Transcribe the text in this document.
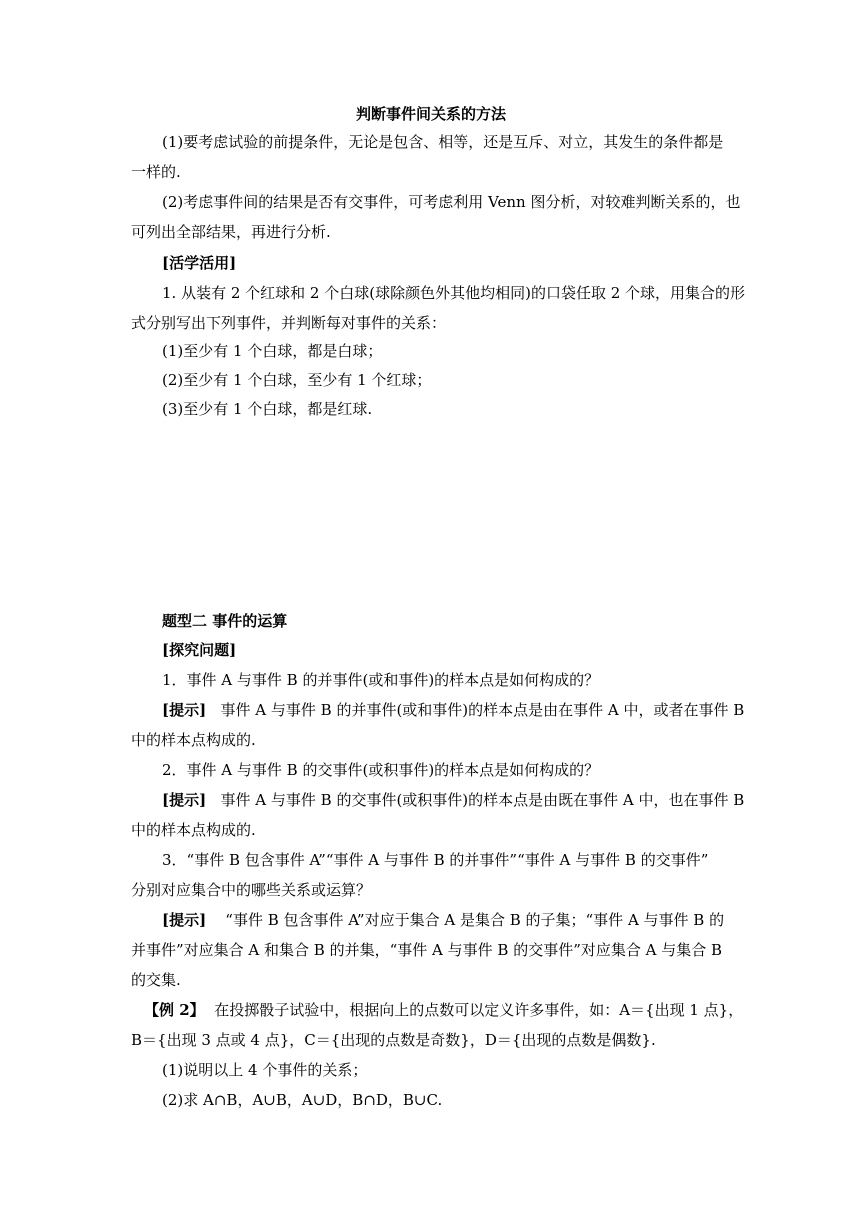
判断事件间关系的方法
(1)要考虑试验的前提条件，无论是包含、相等，还是互斥、对立，其发生的条件都是
一样的.
(2)考虑事件间的结果是否有交事件，可考虑利用 Venn 图分析，对较难判断关系的，也
可列出全部结果，再进行分析.
[活学活用]
1. 从装有 2 个红球和 2 个白球(球除颜色外其他均相同)的口袋任取 2 个球，用集合的形
式分别写出下列事件，并判断每对事件的关系：
(1)至少有 1 个白球，都是白球；
(2)至少有 1 个白球，至少有 1 个红球；
(3)至少有 1 个白球，都是红球.
题型二 事件的运算
[探究问题]
1．事件 A 与事件 B 的并事件(或和事件)的样本点是如何构成的？
[提示] 事件 A 与事件 B 的并事件(或和事件)的样本点是由在事件 A 中，或者在事件 B
中的样本点构成的.
2．事件 A 与事件 B 的交事件(或积事件)的样本点是如何构成的？
[提示] 事件 A 与事件 B 的交事件(或积事件)的样本点是由既在事件 A 中，也在事件 B
中的样本点构成的.
3．“事件 B 包含事件 A”“事件 A 与事件 B 的并事件”“事件 A 与事件 B 的交事件”
分别对应集合中的哪些关系或运算？
[提示] “事件 B 包含事件 A”对应于集合 A 是集合 B 的子集；“事件 A 与事件 B 的
并事件”对应集合 A 和集合 B 的并集，“事件 A 与事件 B 的交事件”对应集合 A 与集合 B
的交集.
【例 2】 在投掷骰子试验中，根据向上的点数可以定义许多事件，如：A＝{出现 1 点}，
B＝{出现 3 点或 4 点}，C＝{出现的点数是奇数}，D＝{出现的点数是偶数}.
(1)说明以上 4 个事件的关系；
(2)求 A∩B，A∪B，A∪D，B∩D，B∪C.
